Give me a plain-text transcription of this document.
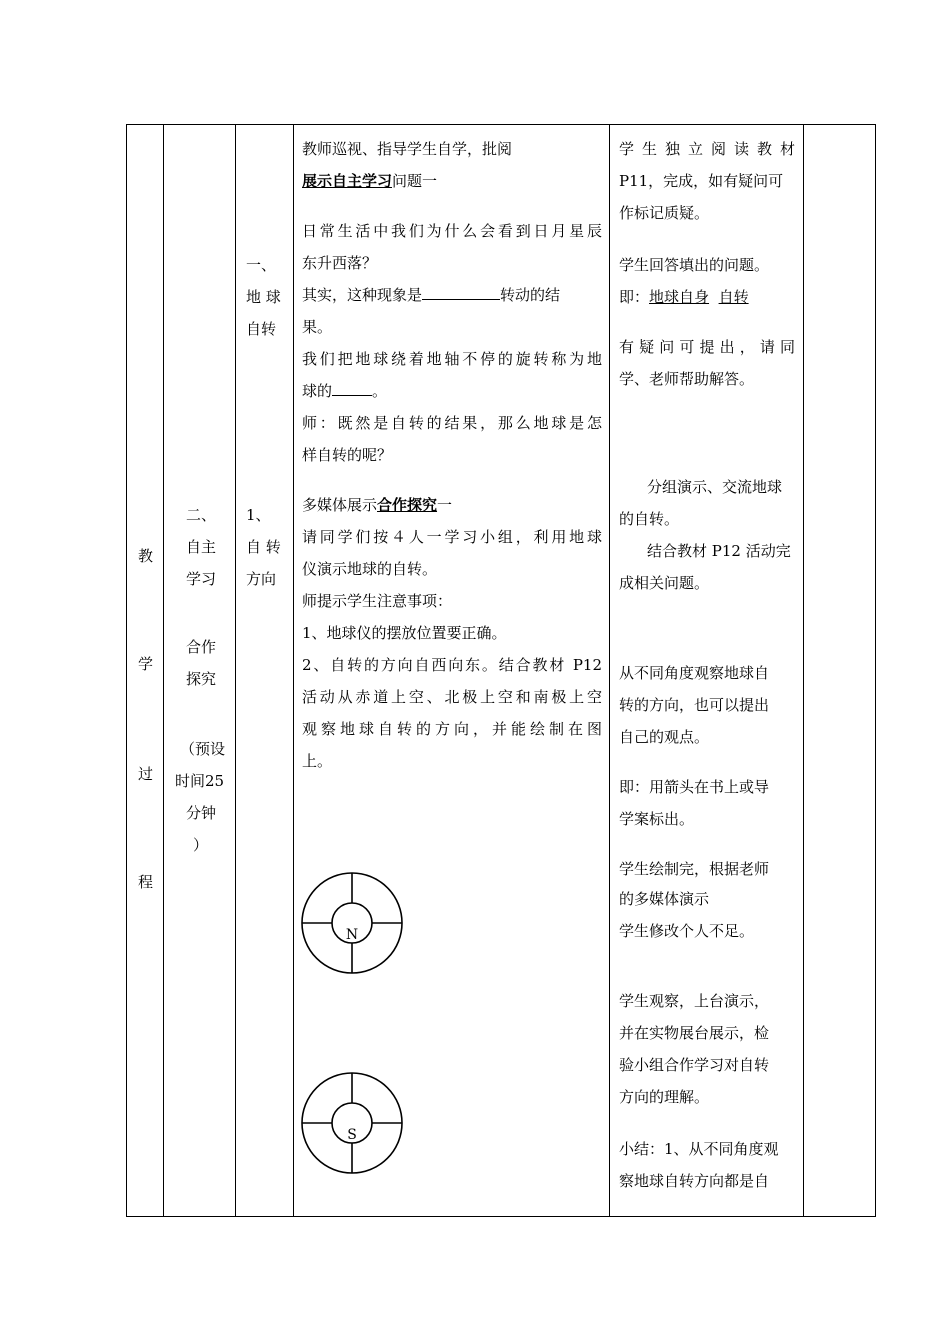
教
学
过
程
二、
自主
学习
合作
探究
（预设
时间25
分钟
）
一、
地 球
自转
1、
自 转
方向
教师巡视、指导学生自学，批阅
展示自主学习问题一
日常生活中我们为什么会看到日月星辰
东升西落？
其实，这种现象是	转动的结
果。
我们把地球绕着地轴不停的旋转称为地
球的	。
师：既然是自转的结果，那么地球是怎
样自转的呢？
多媒体展示合作探究一
请同学们按４人一学习小组，利用地球
仪演示地球的自转。
师提示学生注意事项：
1、地球仪的摆放位置要正确。
2、自转的方向自西向东。结合教材 P12
活动从赤道上空、北极上空和南极上空
观察地球自转的方向，并能绘制在图
上。
N
S
学 生 独 立 阅 读 教 材
P11，完成，如有疑问可
作标记质疑。
学生回答填出的问题。
即：地球自身 自转
有 疑 问 可 提 出 ， 请 同
学、老师帮助解答。
分组演示、交流地球
的自转。
结合教材 P12 活动完
成相关问题。
从不同角度观察地球自
转的方向，也可以提出
自己的观点。
即：用箭头在书上或导
学案标出。
学生绘制完，根据老师
的多媒体演示
学生修改个人不足。
学生观察，上台演示，
并在实物展台展示，检
验小组合作学习对自转
方向的理解。
小结：1、从不同角度观
察地球自转方向都是自
